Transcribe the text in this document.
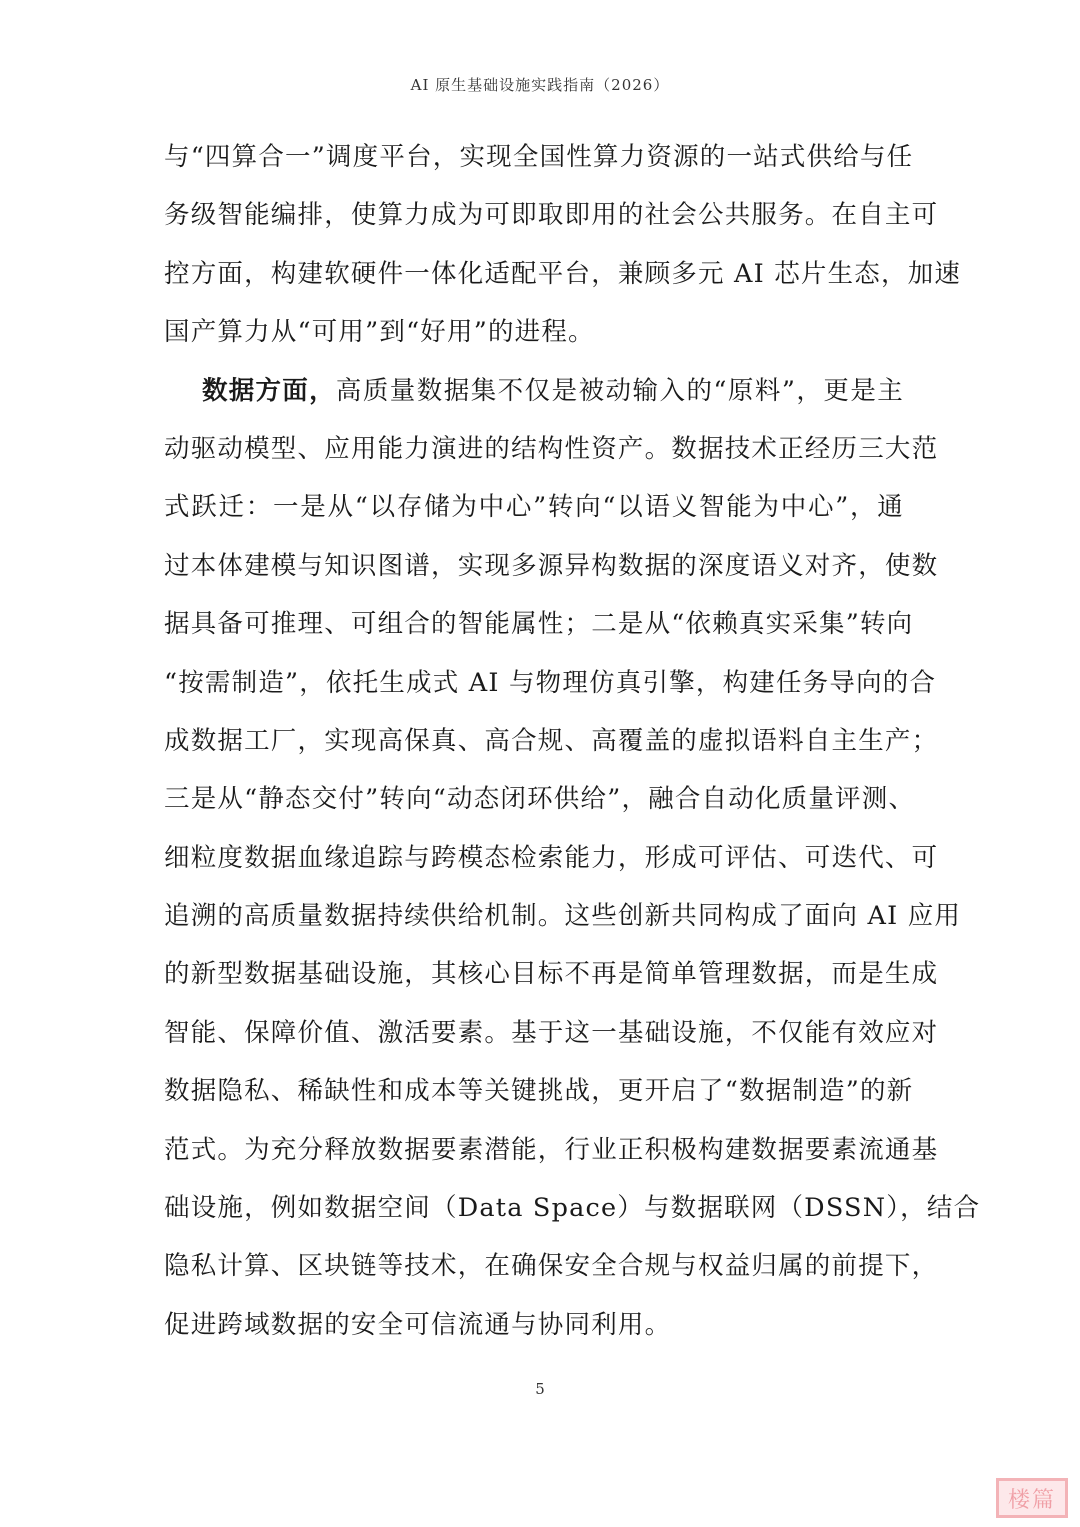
AI 原生基础设施实践指南（2026）
与“四算合一”调度平台，实现全国性算力资源的一站式供给与任
务级智能编排，使算力成为可即取即用的社会公共服务。在自主可
控方面，构建软硬件一体化适配平台，兼顾多元 AI 芯片生态，加速
国产算力从“可用”到“好用”的进程。
数据方面，高质量数据集不仅是被动输入的“原料”，更是主
动驱动模型、应用能力演进的结构性资产。数据技术正经历三大范
式跃迁：一是从“以存储为中心”转向“以语义智能为中心”，通
过本体建模与知识图谱，实现多源异构数据的深度语义对齐，使数
据具备可推理、可组合的智能属性；二是从“依赖真实采集”转向
“按需制造”，依托生成式 AI 与物理仿真引擎，构建任务导向的合
成数据工厂，实现高保真、高合规、高覆盖的虚拟语料自主生产；
三是从“静态交付”转向“动态闭环供给”，融合自动化质量评测、
细粒度数据血缘追踪与跨模态检索能力，形成可评估、可迭代、可
追溯的高质量数据持续供给机制。这些创新共同构成了面向 AI 应用
的新型数据基础设施，其核心目标不再是简单管理数据，而是生成
智能、保障价值、激活要素。基于这一基础设施，不仅能有效应对
数据隐私、稀缺性和成本等关键挑战，更开启了“数据制造”的新
范式。为充分释放数据要素潜能，行业正积极构建数据要素流通基
础设施，例如数据空间（Data Space）与数据联网（DSSN），结合
隐私计算、区块链等技术，在确保安全合规与权益归属的前提下，
促进跨域数据的安全可信流通与协同利用。
5
楼篇
